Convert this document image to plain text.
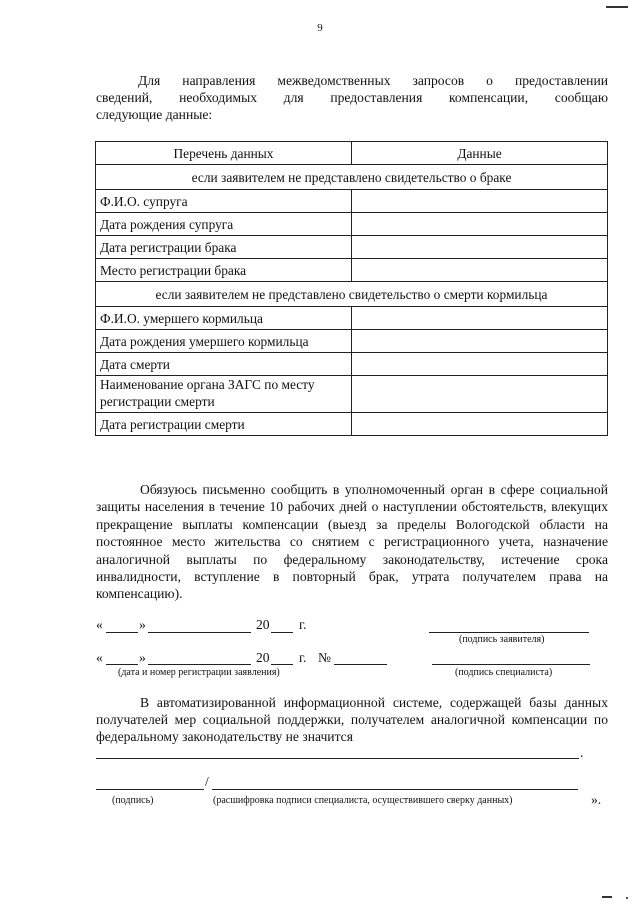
9
Для направления межведомственных запросов о предоставлении
сведений, необходимых для предоставления компенсации, сообщаю
следующие данные:
Перечень данных	Данные
если заявителем не представлено свидетельство о браке	
Ф.И.О. супруга	
Дата рождения супруга	
Дата регистрации брака	
Место регистрации брака	
если заявителем не представлено свидетельство о смерти кормильца	
Ф.И.О. умершего кормильца	
Дата рождения умершего кормильца	
Дата смерти	
Наименование органа ЗАГС по месту регистрации смерти	
Дата регистрации смерти	
Обязуюсь письменно сообщить в уполномоченный орган в сфере социальной защиты населения в течение 10 рабочих дней о наступлении обстоятельств, влекущих прекращение выплаты компенсации (выезд за пределы Вологодской области на постоянное место жительства со снятием с регистрационного учета, назначение аналогичной выплаты по федеральному законодательству, истечение срока инвалидности, вступление в повторный брак, утрата получателем права на компенсацию).
«	»	20 г.
(подпись заявителя)
«	»	20 г. №
(дата и номер регистрации заявления)	(подпись специалиста)
В автоматизированной информационной системе, содержащей базы данных получателей мер социальной поддержки, получателем аналогичной компенсации по федеральному законодательству не значится
.
/
(подпись)	(расшифровка подписи специалиста, осуществившего сверку данных)	».
